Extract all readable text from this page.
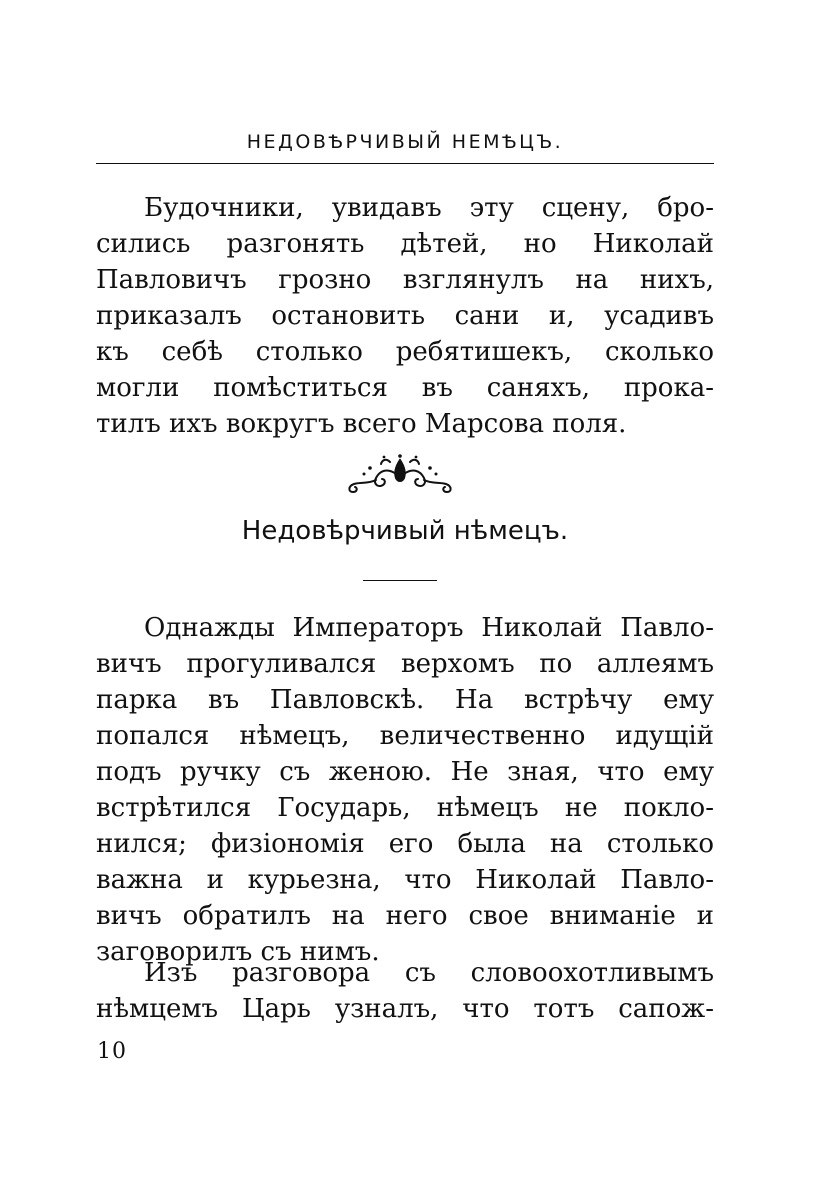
НЕДОВѢРЧИВЫЙ НЕМѢЦЪ.

Будочники, увидавъ эту сцену, бро-
сились разгонять дѣтей, но Николай
Павловичъ грозно взглянулъ на нихъ,
приказалъ остановить сани и, усадивъ
къ себѣ столько ребятишекъ, сколько
могли помѣститься въ саняхъ, прока-
тилъ ихъ вокругъ всего Марсова поля.

Недовѣрчивый нѣмецъ.

Однажды Императоръ Николай Павло-
вичъ прогуливался верхомъ по аллеямъ
парка въ Павловскѣ. На встрѣчу ему
попался нѣмецъ, величественно идущій
подъ ручку съ женою. Не зная, что ему
встрѣтился Государь, нѣмецъ не покло-
нился; физіономія его была на столько
важна и курьезна, что Николай Павло-
вичъ обратилъ на него свое вниманіе и
заговорилъ съ нимъ.

Изъ разговора съ словоохотливымъ
нѣмцемъ Царь узналъ, что тотъ сапож-

10
